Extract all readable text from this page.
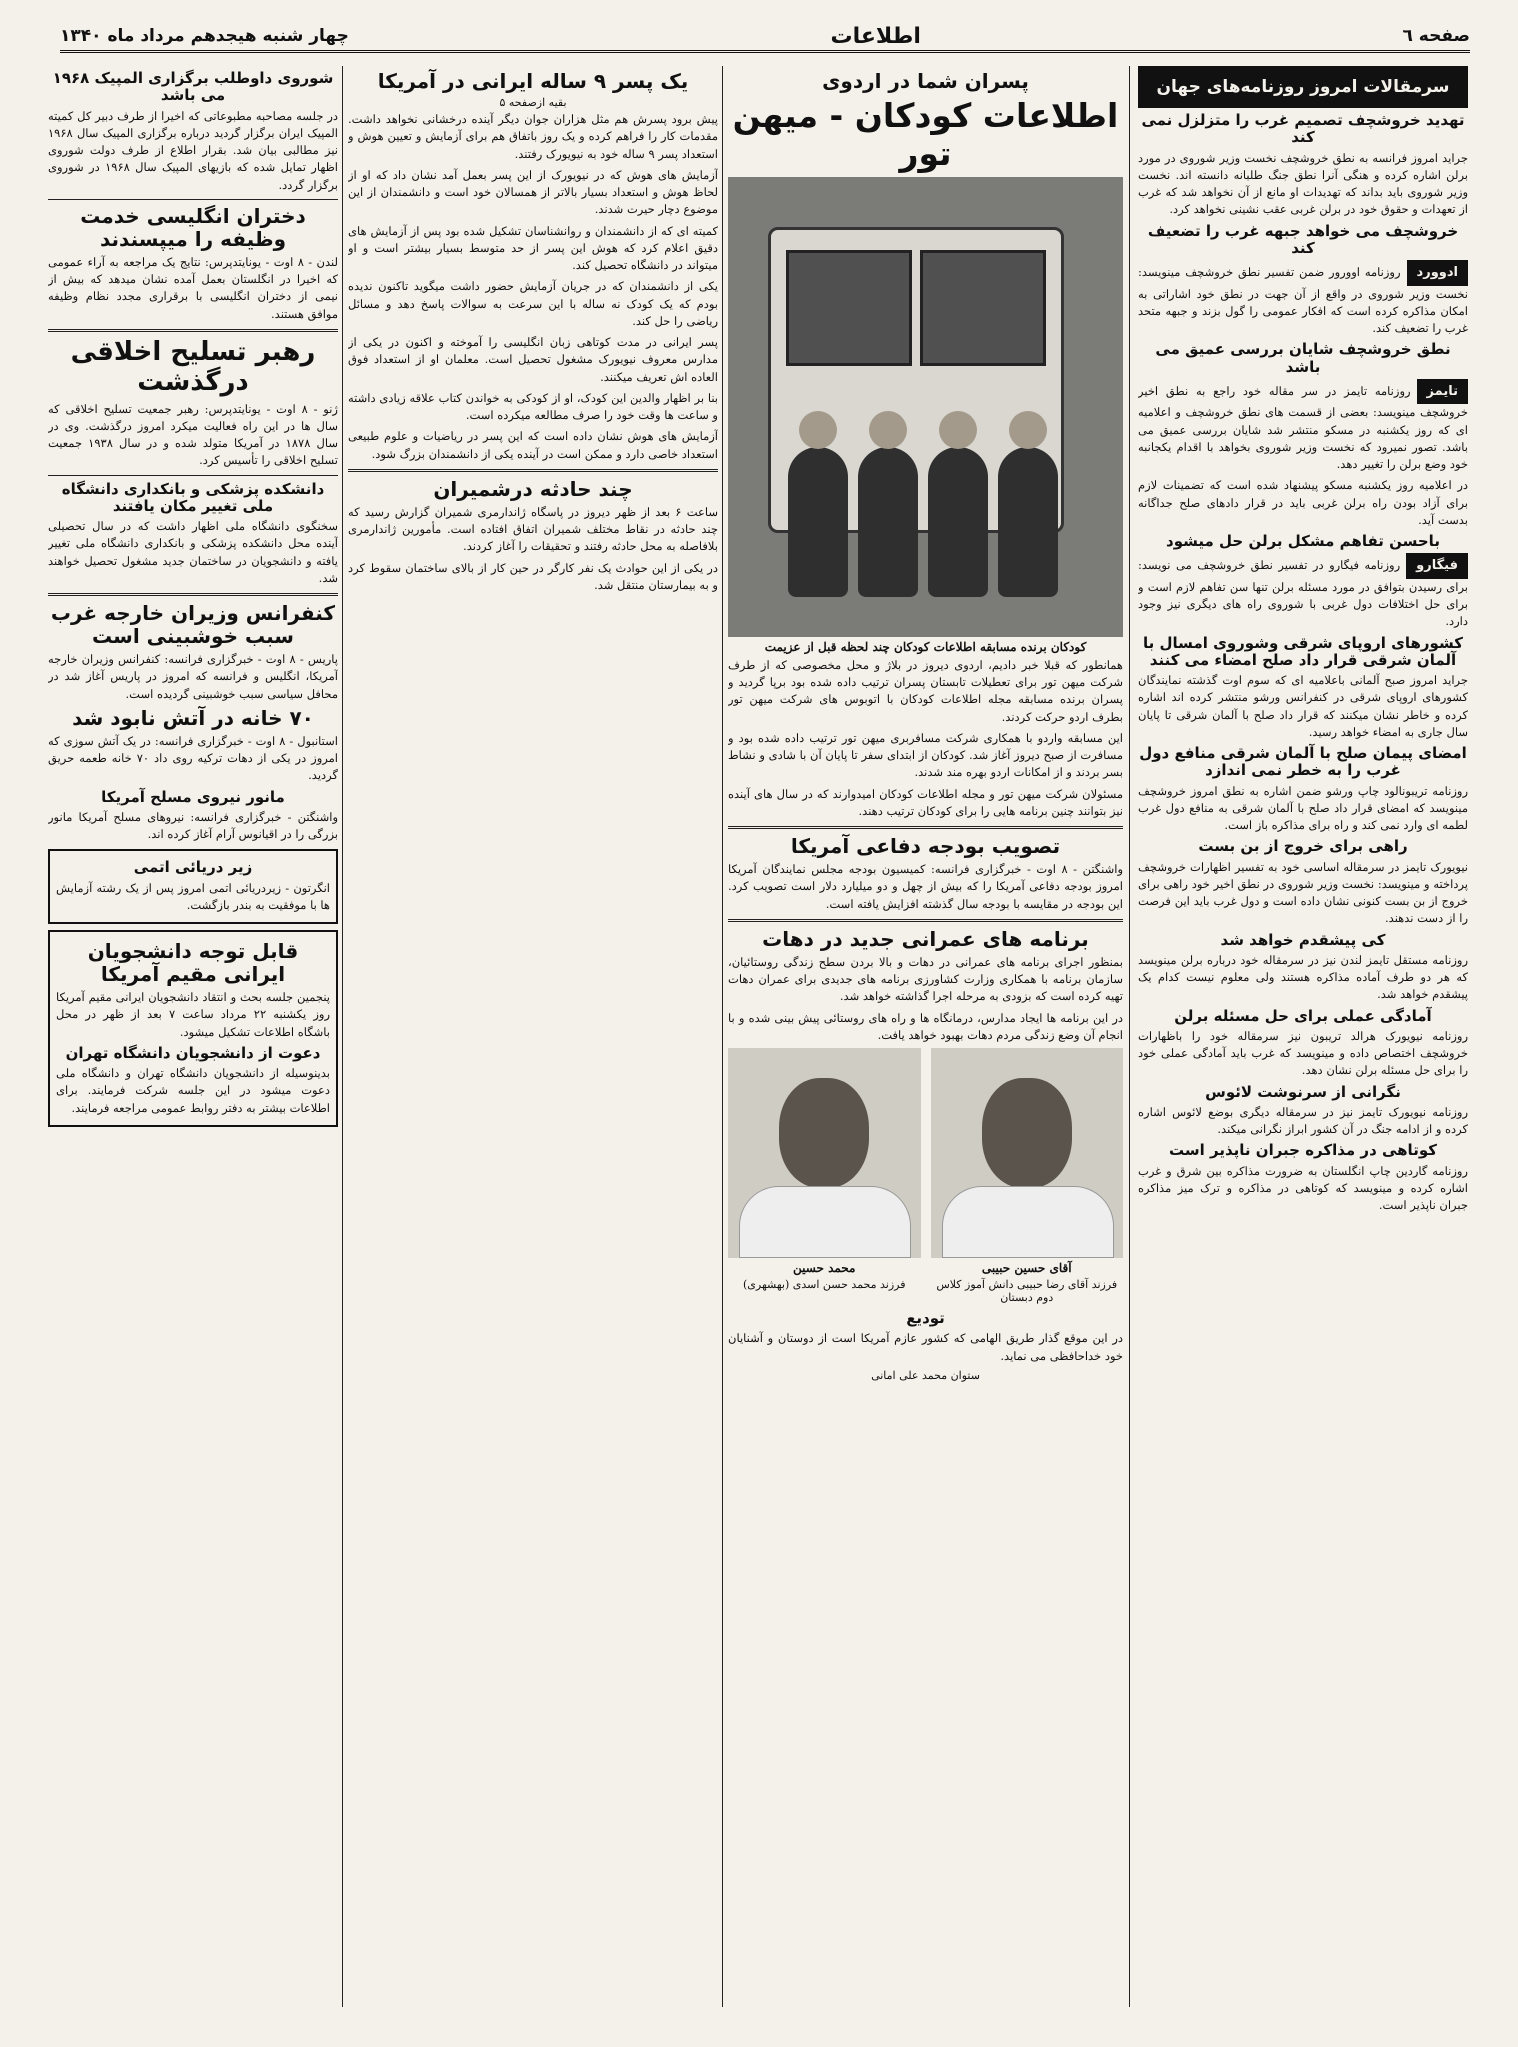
صفحه ٦
اطلاعات
چهار شنبه هیجدهم مرداد ماه ۱۳۴۰
سرمقالات امروز روزنامه‌های جهان
تهدید خروشچف تصمیم غرب را متزلزل نمی کند

جراید امروز فرانسه به نطق خروشچف نخست وزیر شوروی در مورد برلن اشاره کرده و هنگی آنرا نطق جنگ طلبانه دانسته اند. نخست وزیر شوروی باید بداند که تهدیدات او مانع از آن نخواهد شد که غرب از تعهدات و حقوق خود در برلن غربی عقب نشینی نخواهد کرد.

خروشچف می خواهد جبهه غرب را تضعیف کند

ادووردروزنامه اوورور ضمن تفسیر نطق خروشچف مینویسد: نخست وزیر شوروی در واقع از آن جهت در نطق خود اشاراتی به امکان مذاکره کرده است که افکار عمومی را گول بزند و جبهه متحد غرب را تضعیف کند.

نطق خروشچف شایان بررسی عمیق می باشد

تایمزروزنامه تایمز در سر مقاله خود راجع به نطق اخیر خروشچف مینویسد: بعضی از قسمت های نطق خروشچف و اعلامیه ای که روز یکشنبه در مسکو منتشر شد شایان بررسی عمیق می باشد. تصور نمیرود که نخست وزیر شوروی بخواهد با اقدام یکجانبه خود وضع برلن را تغییر دهد.

در اعلامیه روز یکشنبه مسکو پیشنهاد شده است که تضمینات لازم برای آزاد بودن راه برلن غربی باید در قرار دادهای صلح جداگانه بدست آید.

باحسن تفاهم مشکل برلن حل میشود

فیگاروروزنامه فیگارو در تفسیر نطق خروشچف می نویسد: برای رسیدن بتوافق در مورد مسئله برلن تنها سن تفاهم لازم است و برای حل اختلافات دول غربی با شوروی راه های دیگری نیز وجود دارد.

کشورهای اروپای شرقی وشوروی امسال با آلمان شرقی قرار داد صلح امضاء می کنند

جراید امروز صبح آلمانی باعلامیه ای که سوم اوت گذشته نمایندگان کشورهای اروپای شرقی در کنفرانس ورشو منتشر کرده اند اشاره کرده و خاطر نشان میکنند که قرار داد صلح با آلمان شرقی تا پایان سال جاری به امضاء خواهد رسید.

امضای پیمان صلح با آلمان شرقی منافع دول غرب را به خطر نمی اندازد

روزنامه تریبونالود چاپ ورشو ضمن اشاره به نطق امروز خروشچف مینویسد که امضای قرار داد صلح با آلمان شرقی به منافع دول غرب لطمه ای وارد نمی کند و راه برای مذاکره باز است.

راهی برای خروج از بن بست

نیویورک تایمز در سرمقاله اساسی خود به تفسیر اظهارات خروشچف پرداخته و مینویسد: نخست وزیر شوروی در نطق اخیر خود راهی برای خروج از بن بست کنونی نشان داده است و دول غرب باید این فرصت را از دست ندهند.

کی پیشقدم خواهد شد

روزنامه مستقل تایمز لندن نیز در سرمقاله خود درباره برلن مینویسد که هر دو طرف آماده مذاکره هستند ولی معلوم نیست کدام یک پیشقدم خواهد شد.

آمادگی عملی برای حل مسئله برلن

روزنامه نیویورک هرالد تریبون نیز سرمقاله خود را باظهارات خروشچف اختصاص داده و مینویسد که غرب باید آمادگی عملی خود را برای حل مسئله برلن نشان دهد.

نگرانی از سرنوشت لائوس

روزنامه نیویورک تایمز نیز در سرمقاله دیگری بوضع لائوس اشاره کرده و از ادامه جنگ در آن کشور ابراز نگرانی میکند.

کوتاهی در مذاکره جبران ناپذیر است

روزنامه گاردین چاپ انگلستان به ضرورت مذاکره بین شرق و غرب اشاره کرده و مینویسد که کوتاهی در مذاکره و ترک میز مذاکره جبران ناپذیر است.

پسران شما در اردوی
اطلاعات کودکان - میهن تور
کودکان برنده مسابقه اطلاعات کودکان چند لحظه قبل از عزیمت

همانطور که قبلا خبر دادیم، اردوی دیروز در بلاژ و محل مخصوصی که از طرف شرکت میهن تور برای تعطیلات تابستان پسران ترتیب داده شده بود برپا گردید و پسران برنده مسابقه مجله اطلاعات کودکان با اتوبوس های شرکت میهن تور بطرف اردو حرکت کردند.

این مسابقه واردو با همکاری شرکت مسافربری میهن تور ترتیب داده شده بود و مسافرت از صبح دیروز آغاز شد. کودکان از ابتدای سفر تا پایان آن با شادی و نشاط بسر بردند و از امکانات اردو بهره مند شدند.

مسئولان شرکت میهن تور و مجله اطلاعات کودکان امیدوارند که در سال های آینده نیز بتوانند چنین برنامه هایی را برای کودکان ترتیب دهند.

تصویب بودجه دفاعی آمریکا

واشنگتن - ۸ اوت - خبرگزاری فرانسه: کمیسیون بودجه مجلس نمایندگان آمریکا امروز بودجه دفاعی آمریکا را که بیش از چهل و دو میلیارد دلار است تصویب کرد. این بودجه در مقایسه با بودجه سال گذشته افزایش یافته است.

برنامه های عمرانی جدید در دهات

بمنظور اجرای برنامه های عمرانی در دهات و بالا بردن سطح زندگی روستائیان، سازمان برنامه با همکاری وزارت کشاورزی برنامه های جدیدی برای عمران دهات تهیه کرده است که بزودی به مرحله اجرا گذاشته خواهد شد.

در این برنامه ها ایجاد مدارس، درمانگاه ها و راه های روستائی پیش بینی شده و با انجام آن وضع زندگی مردم دهات بهبود خواهد یافت.

آقای حسین حبیبی
فرزند آقای رضا حبیبی دانش آموز کلاس دوم دبستان
محمد حسین
فرزند محمد حسن اسدی (بهشهری)
توديع

در این موقع گذار طریق الهامی که کشور عازم آمریکا است از دوستان و آشنایان خود خداحافظی می نماید.

ستوان محمد علی امانی
یک پسر ۹ ساله ایرانی در آمریکا
بقیه ازصفحه ۵

پیش برود پسرش هم مثل هزاران جوان دیگر آینده درخشانی نخواهد داشت. مقدمات کار را فراهم کرده و یک روز باتفاق هم برای آزمایش و تعیین هوش و استعداد پسر ۹ ساله خود به نیویورک رفتند.

آزمایش های هوش که در نیویورک از این پسر بعمل آمد نشان داد که او از لحاظ هوش و استعداد بسیار بالاتر از همسالان خود است و دانشمندان از این موضوع دچار حیرت شدند.

کمیته ای که از دانشمندان و روانشناسان تشکیل شده بود پس از آزمایش های دقیق اعلام کرد که هوش این پسر از حد متوسط بسیار بیشتر است و او میتواند در دانشگاه تحصیل کند.

یکی از دانشمندان که در جریان آزمایش حضور داشت میگوید تاکنون ندیده بودم که یک کودک نه ساله با این سرعت به سوالات پاسخ دهد و مسائل ریاضی را حل کند.

پسر ایرانی در مدت کوتاهی زبان انگلیسی را آموخته و اکنون در یکی از مدارس معروف نیویورک مشغول تحصیل است. معلمان او از استعداد فوق العاده اش تعریف میکنند.

بنا بر اظهار والدین این کودک، او از کودکی به خواندن کتاب علاقه زیادی داشته و ساعت ها وقت خود را صرف مطالعه میکرده است.

آزمایش های هوش نشان داده است که این پسر در ریاضیات و علوم طبیعی استعداد خاصی دارد و ممکن است در آینده یکی از دانشمندان بزرگ شود.

چند حادثه درشمیران

ساعت ۶ بعد از ظهر دیروز در پاسگاه ژاندارمری شمیران گزارش رسید که چند حادثه در نقاط مختلف شمیران اتفاق افتاده است. مأمورین ژاندارمری بلافاصله به محل حادثه رفتند و تحقیقات را آغاز کردند.

در یکی از این حوادث یک نفر کارگر در حین کار از بالای ساختمان سقوط کرد و به بیمارستان منتقل شد.

شوروی داوطلب برگزاری المپیک ۱۹۶۸ می باشد

در جلسه مصاحبه مطبوعاتی که اخیرا از طرف دبیر کل کمیته المپیک ایران برگزار گردید درباره برگزاری المپیک سال ۱۹۶۸ نیز مطالبی بیان شد. بقرار اطلاع از طرف دولت شوروی اظهار تمایل شده که بازیهای المپیک سال ۱۹۶۸ در شوروی برگزار گردد.

دختران انگلیسی خدمت وظیفه را میپسندند

لندن - ۸ اوت - یونایتدپرس: نتایج یک مراجعه به آراء عمومی که اخیرا در انگلستان بعمل آمده نشان میدهد که بیش از نیمی از دختران انگلیسی با برقراری مجدد نظام وظیفه موافق هستند.

رهبر تسلیح اخلاقی درگذشت

ژنو - ۸ اوت - یونایتدپرس: رهبر جمعیت تسلیح اخلاقی که سال ها در این راه فعالیت میکرد امروز درگذشت. وی در سال ۱۸۷۸ در آمریکا متولد شده و در سال ۱۹۳۸ جمعیت تسلیح اخلاقی را تأسیس کرد.

دانشکده پزشکی و بانکداری دانشگاه ملی تغییر مکان یافتند

سخنگوی دانشگاه ملی اظهار داشت که در سال تحصیلی آینده محل دانشکده پزشکی و بانکداری دانشگاه ملی تغییر یافته و دانشجویان در ساختمان جدید مشغول تحصیل خواهند شد.

کنفرانس وزیران خارجه غرب سبب خوشبینی است

پاریس - ۸ اوت - خبرگزاری فرانسه: کنفرانس وزیران خارجه آمریکا، انگلیس و فرانسه که امروز در پاریس آغاز شد در محافل سیاسی سبب خوشبینی گردیده است.

۷۰ خانه در آتش نابود شد

استانبول - ۸ اوت - خبرگزاری فرانسه: در یک آتش سوزی که امروز در یکی از دهات ترکیه روی داد ۷۰ خانه طعمه حریق گردید.

مانور نیروی مسلح آمریکا

واشنگتن - خبرگزاری فرانسه: نیروهای مسلح آمریکا مانور بزرگی را در اقیانوس آرام آغاز کرده اند.

زیر دریائی اتمی

انگرتون - زیردریائی اتمی امروز پس از یک رشته آزمایش ها با موفقیت به بندر بازگشت.

قابل توجه دانشجویان ایرانی مقیم آمریکا

پنجمین جلسه بحث و انتقاد دانشجویان ایرانی مقیم آمریکا روز یکشنبه ۲۲ مرداد ساعت ۷ بعد از ظهر در محل باشگاه اطلاعات تشکیل میشود.

دعوت از دانشجویان دانشگاه تهران

بدینوسیله از دانشجویان دانشگاه تهران و دانشگاه ملی دعوت میشود در این جلسه شرکت فرمایند. برای اطلاعات بیشتر به دفتر روابط عمومی مراجعه فرمایند.
